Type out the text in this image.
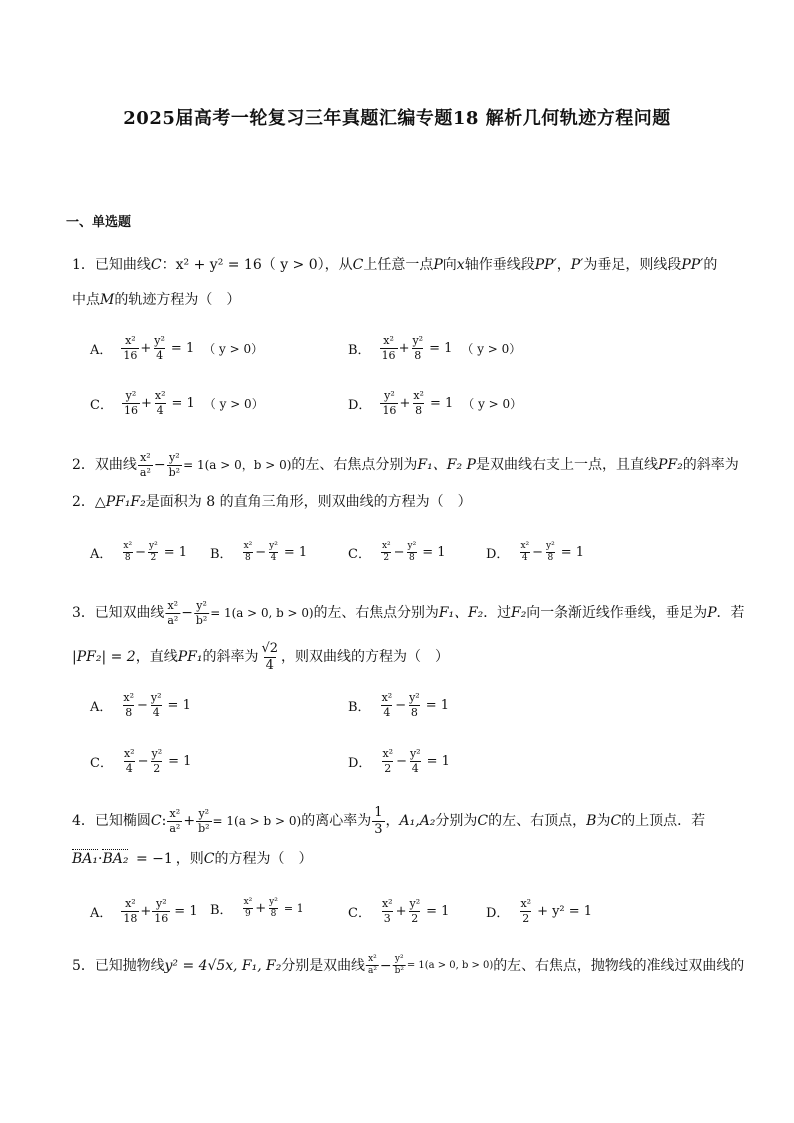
2025届高考一轮复习三年真题汇编专题18 解析几何轨迹方程问题
一、单选题
1．已知曲线C：x² + y² = 16（ y > 0），从C上任意一点P向x轴作垂线段PP′，P′为垂足，则线段PP′的
中点M的轨迹方程为（　）
A．
x²
$16 + \frac{\text{y²}}{4} = 1$ （ y > 0）	B．
x²
$16 + \frac{\text{y²}}{8} = 1$ （ y > 0）
C．
y²
$16 + \frac{\text{x²}}{4} = 1$ （ y > 0）	D．
y²
$16 + \frac{\text{x²}}{8} = 1$ （ y > 0）
2．双曲线 x²
$a^2 - \frac{\text{y²}}{\text{b²}} = 1(a > 0$，b > 0) 的左、右焦点分别为 F₁、F₂
P 是双曲线右支上一点，且直线 PF₂ 的斜率为
2．△PF₁F₂是面积为 8 的直角三角形，则双曲线的方程为（　）
A．
x²
$8 - \frac{\text{y²}}{2} = 1$ B．
x²
$8 - \frac{\text{y²}}{4} = 1$	C．
x²
$2 - \frac{\text{y²}}{8} = 1$	D．
x²
$4 - \frac{\text{y²}}{8} = 1$
3．已知双曲线 x²
$a^2 - \frac{\text{y²}}{\text{b²}} = 1(a > 0$, b > 0) 的左、右焦点分别为 F₁、F₂ ．过 F₂ 向一条渐近线作垂线，垂足为 P ．若
|PF₂| = 2 ，直线 PF₁ 的斜率为
√2
4 ，则双曲线的方程为（　）
A．
x²
$8 - \frac{\text{y²}}{4} = 1$	B．
x²
$4 - \frac{\text{y²}}{8} = 1$
C．
x²
$4 - \frac{\text{y²}}{2} = 1$	D．
x²
$2 - \frac{\text{y²}}{4} = 1$
4．已知椭圆 C : x²
$a^2 + \frac{\text{y²}}{\text{b²}} = 1(a > b > 0)$ 的离心率为
1
3 ， A₁,A₂ 分别为 C 的左、右顶点， B 为 C 的上顶点．若
BA₁·BA₂ = −1 ，则C的方程为（　）
A．
x²
$18 + \frac{\text{y²}}{16} = 1$ B．
x²
$9 + \frac{\text{y²}}{8} = 1$	C．
x²
$3 + \frac{\text{y²}}{2} = 1$	D．
x²
2 + y² = 1
5．已知抛物线 y² = 4√5x, F₁, F₂ 分别是双曲线 x²
$a^2 - \frac{\text{y²}}{\text{b²}} = 1(a > 0$, b > 0) 的左、右焦点，抛物线的准线过双曲线的
